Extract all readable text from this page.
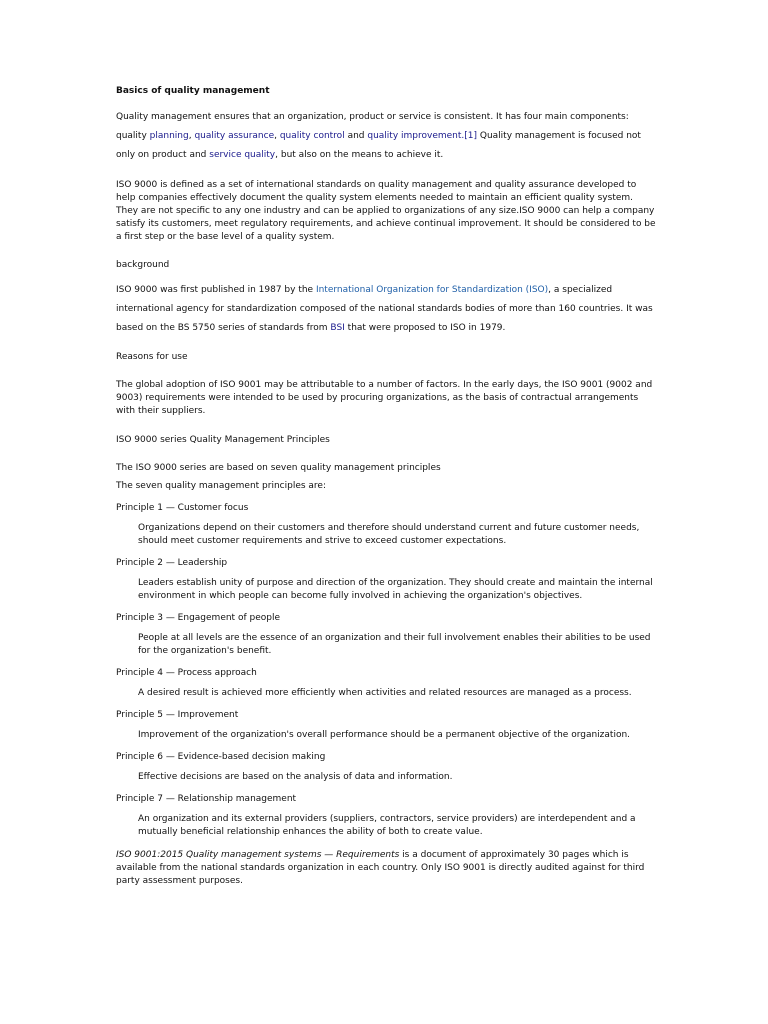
Basics of quality management

Quality management ensures that an organization, product or service is consistent. It has four main components:

quality planning, quality assurance, quality control and quality improvement.[1] Quality management is focused not only on product and service quality, but also on the means to achieve it.

ISO 9000 is defined as a set of international standards on quality management and quality assurance developed to help companies effectively document the quality system elements needed to maintain an efficient quality system. They are not specific to any one industry and can be applied to organizations of any size.ISO 9000 can help a company satisfy its customers, meet regulatory requirements, and achieve continual improvement. It should be considered to be a first step or the base level of a quality system.

background

ISO 9000 was first published in 1987 by the International Organization for Standardization (ISO), a specialized international agency for standardization composed of the national standards bodies of more than 160 countries. It was based on the BS 5750 series of standards from BSI that were proposed to ISO in 1979.

Reasons for use

The global adoption of ISO 9001 may be attributable to a number of factors. In the early days, the ISO 9001 (9002 and 9003) requirements were intended to be used by procuring organizations, as the basis of contractual arrangements with their suppliers.

ISO 9000 series Quality Management Principles

The ISO 9000 series are based on seven quality management principles

The seven quality management principles are:

Principle 1 — Customer focus

Organizations depend on their customers and therefore should understand current and future customer needs, should meet customer requirements and strive to exceed customer expectations.

Principle 2 — Leadership

Leaders establish unity of purpose and direction of the organization. They should create and maintain the internal environment in which people can become fully involved in achieving the organization's objectives.

Principle 3 — Engagement of people

People at all levels are the essence of an organization and their full involvement enables their abilities to be used for the organization's benefit.

Principle 4 — Process approach

A desired result is achieved more efficiently when activities and related resources are managed as a process.

Principle 5 — Improvement

Improvement of the organization's overall performance should be a permanent objective of the organization.

Principle 6 — Evidence-based decision making

Effective decisions are based on the analysis of data and information.

Principle 7 — Relationship management

An organization and its external providers (suppliers, contractors, service providers) are interdependent and a mutually beneficial relationship enhances the ability of both to create value.

ISO 9001:2015 Quality management systems — Requirements is a document of approximately 30 pages which is available from the national standards organization in each country. Only ISO 9001 is directly audited against for third party assessment purposes.
